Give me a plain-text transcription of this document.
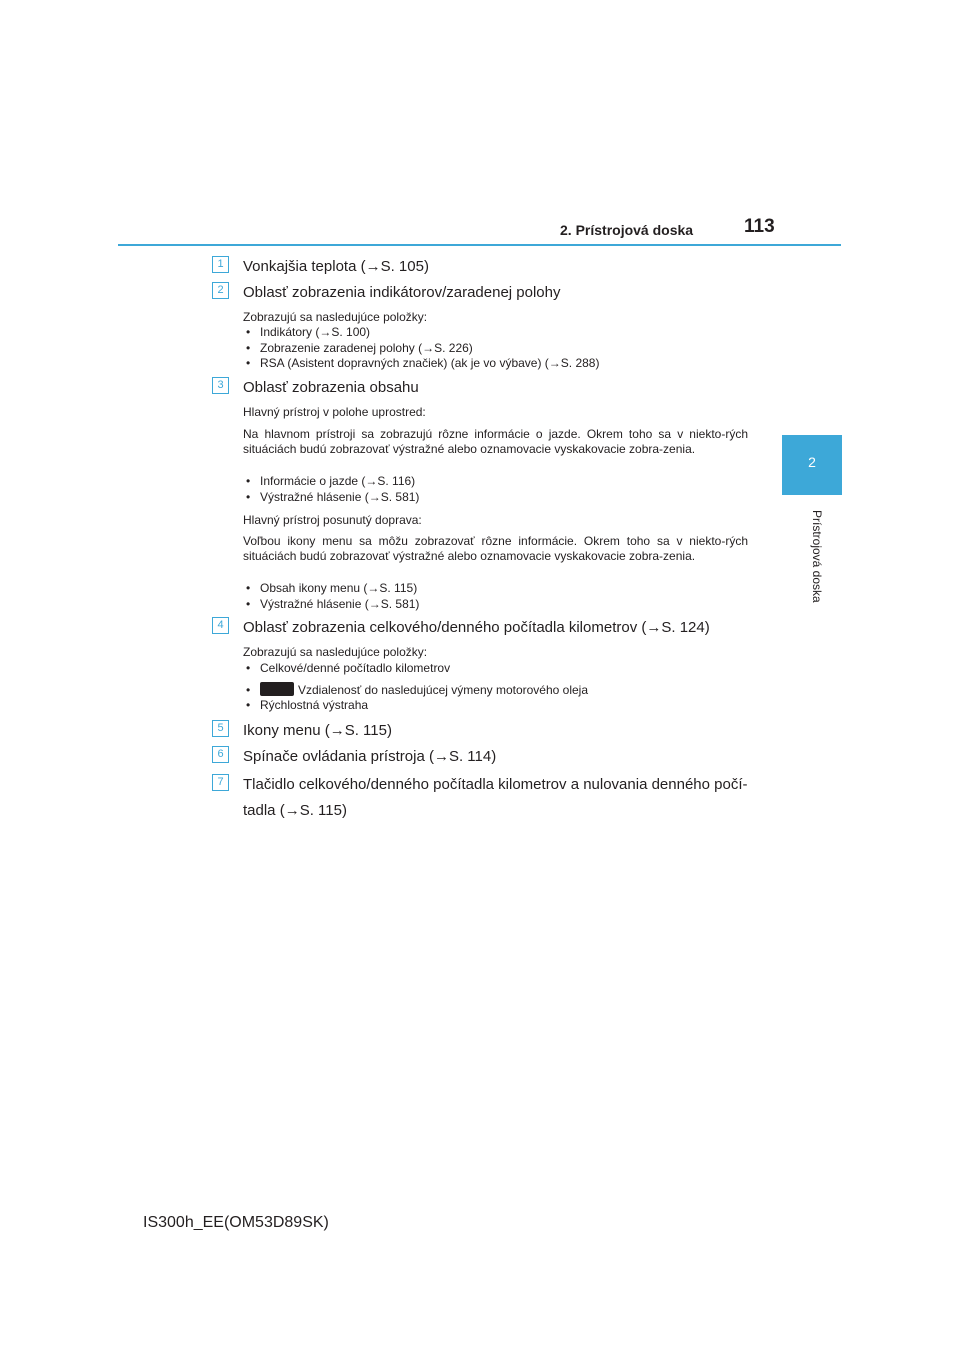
2. Prístrojová doska	113
2
Prístrojová doska
1	Vonkajšia teplota (→S. 105)
2	Oblasť zobrazenia indikátorov/zaradenej polohy
Zobrazujú sa nasledujúce položky:
• Indikátory (→S. 100)
• Zobrazenie zaradenej polohy (→S. 226)
• RSA (Asistent dopravných značiek) (ak je vo výbave) (→S. 288)
3	Oblasť zobrazenia obsahu
Hlavný prístroj v polohe uprostred:
Na hlavnom prístroji sa zobrazujú rôzne informácie o jazde. Okrem toho sa v niekto-rých situáciách budú zobrazovať výstražné alebo oznamovacie vyskakovacie zobra-zenia.
• Informácie o jazde (→S. 116)
• Výstražné hlásenie (→S. 581)
Hlavný prístroj posunutý doprava:
Voľbou ikony menu sa môžu zobrazovať rôzne informácie. Okrem toho sa v niekto-rých situáciách budú zobrazovať výstražné alebo oznamovacie vyskakovacie zobra-zenia.
• Obsah ikony menu (→S. 115)
• Výstražné hlásenie (→S. 581)
4	Oblasť zobrazenia celkového/denného počítadla kilometrov (→S. 124)
Zobrazujú sa nasledujúce položky:
• Celkové/denné počítadlo kilometrov
• Vzdialenosť do nasledujúcej výmeny motorového oleja
• Rýchlostná výstraha
5	Ikony menu (→S. 115)
6	Spínače ovládania prístroja (→S. 114)
7	Tlačidlo celkového/denného počítadla kilometrov a nulovania denného počí-tadla (→S. 115)
IS300h_EE(OM53D89SK)
